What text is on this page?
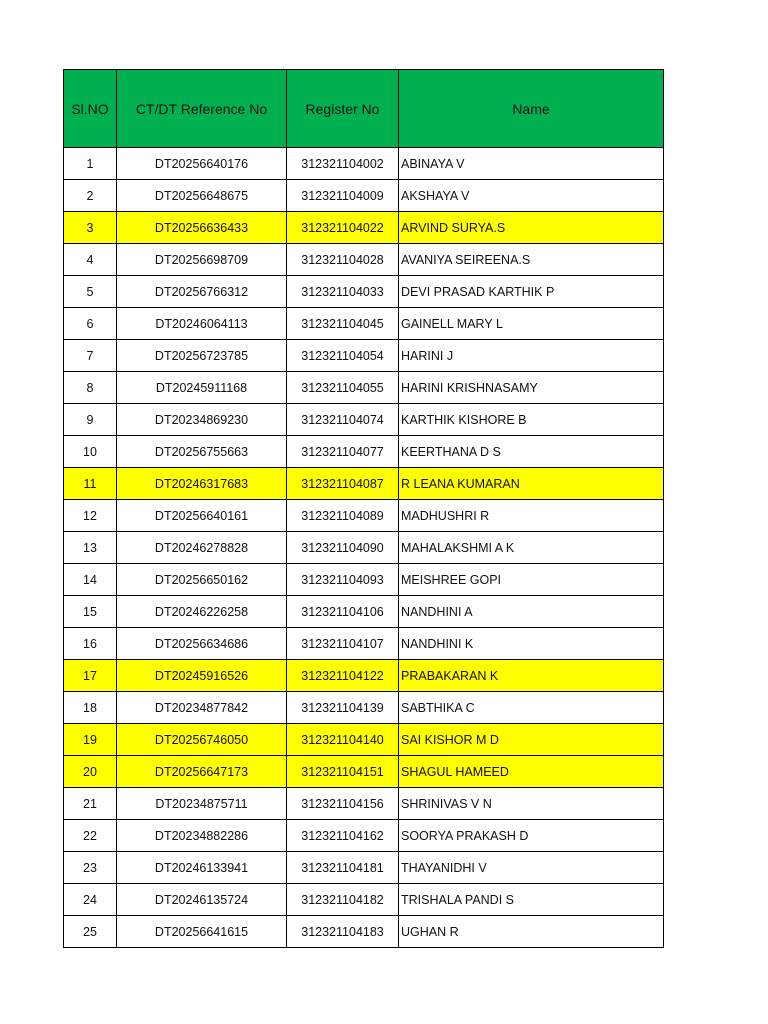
Sl.NO	CT/DT Reference No	Register No	Name
1	DT20256640176	312321104002	ABINAYA V
2	DT20256648675	312321104009	AKSHAYA V
3	DT20256636433	312321104022	ARVIND SURYA.S
4	DT20256698709	312321104028	AVANIYA SEIREENA.S
5	DT20256766312	312321104033	DEVI PRASAD KARTHIK P
6	DT20246064113	312321104045	GAINELL MARY L
7	DT20256723785	312321104054	HARINI J
8	DT20245911168	312321104055	HARINI KRISHNASAMY
9	DT20234869230	312321104074	KARTHIK KISHORE B
10	DT20256755663	312321104077	KEERTHANA D S
11	DT20246317683	312321104087	R LEANA KUMARAN
12	DT20256640161	312321104089	MADHUSHRI R
13	DT20246278828	312321104090	MAHALAKSHMI A K
14	DT20256650162	312321104093	MEISHREE GOPI
15	DT20246226258	312321104106	NANDHINI A
16	DT20256634686	312321104107	NANDHINI K
17	DT20245916526	312321104122	PRABAKARAN K
18	DT20234877842	312321104139	SABTHIKA C
19	DT20256746050	312321104140	SAI KISHOR M D
20	DT20256647173	312321104151	SHAGUL HAMEED
21	DT20234875711	312321104156	SHRINIVAS V N
22	DT20234882286	312321104162	SOORYA PRAKASH D
23	DT20246133941	312321104181	THAYANIDHI V
24	DT20246135724	312321104182	TRISHALA PANDI S
25	DT20256641615	312321104183	UGHAN R
